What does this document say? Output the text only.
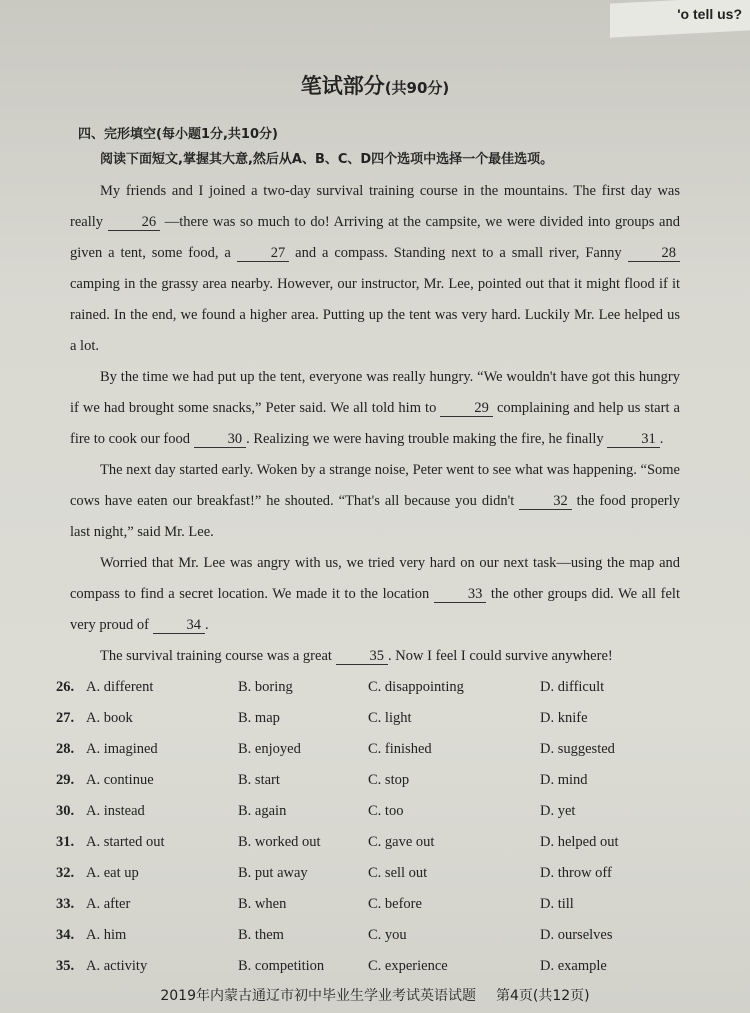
'o tell us?
笔试部分(共90分)
四、完形填空(每小题1分,共10分)
阅读下面短文,掌握其大意,然后从A、B、C、D四个选项中选择一个最佳选项。

My friends and I joined a two-day survival training course in the mountains. The first day was really 26 —there was so much to do! Arriving at the campsite, we were divided into groups and given a tent, some food, a 27 and a compass. Standing next to a small river, Fanny 28 camping in the grassy area nearby. However, our instructor, Mr. Lee, pointed out that it might flood if it rained. In the end, we found a higher area. Putting up the tent was very hard. Luckily Mr. Lee helped us a lot.

By the time we had put up the tent, everyone was really hungry. “We wouldn't have got this hungry if we had brought some snacks,” Peter said. We all told him to 29 complaining and help us start a fire to cook our food 30 . Realizing we were having trouble making the fire, he finally 31 .

The next day started early. Woken by a strange noise, Peter went to see what was happening. “Some cows have eaten our breakfast!” he shouted. “That's all because you didn't 32 the food properly last night,” said Mr. Lee.

Worried that Mr. Lee was angry with us, we tried very hard on our next task—using the map and compass to find a secret location. We made it to the location 33 the other groups did. We all felt very proud of 34 .

The survival training course was a great 35 . Now I feel I could survive anywhere!

26. A. different	B. boring	C. disappointing	D. difficult
27. A. book	B. map	C. light	D. knife
28. A. imagined	B. enjoyed	C. finished	D. suggested
29. A. continue	B. start	C. stop	D. mind
30. A. instead	B. again	C. too	D. yet
31. A. started out	B. worked out	C. gave out	D. helped out
32. A. eat up	B. put away	C. sell out	D. throw off
33. A. after	B. when	C. before	D. till
34. A. him	B. them	C. you	D. ourselves
35. A. activity	B. competition	C. experience	D. example
2019年内蒙古通辽市初中毕业生学业考试英语试题 第4页(共12页)
